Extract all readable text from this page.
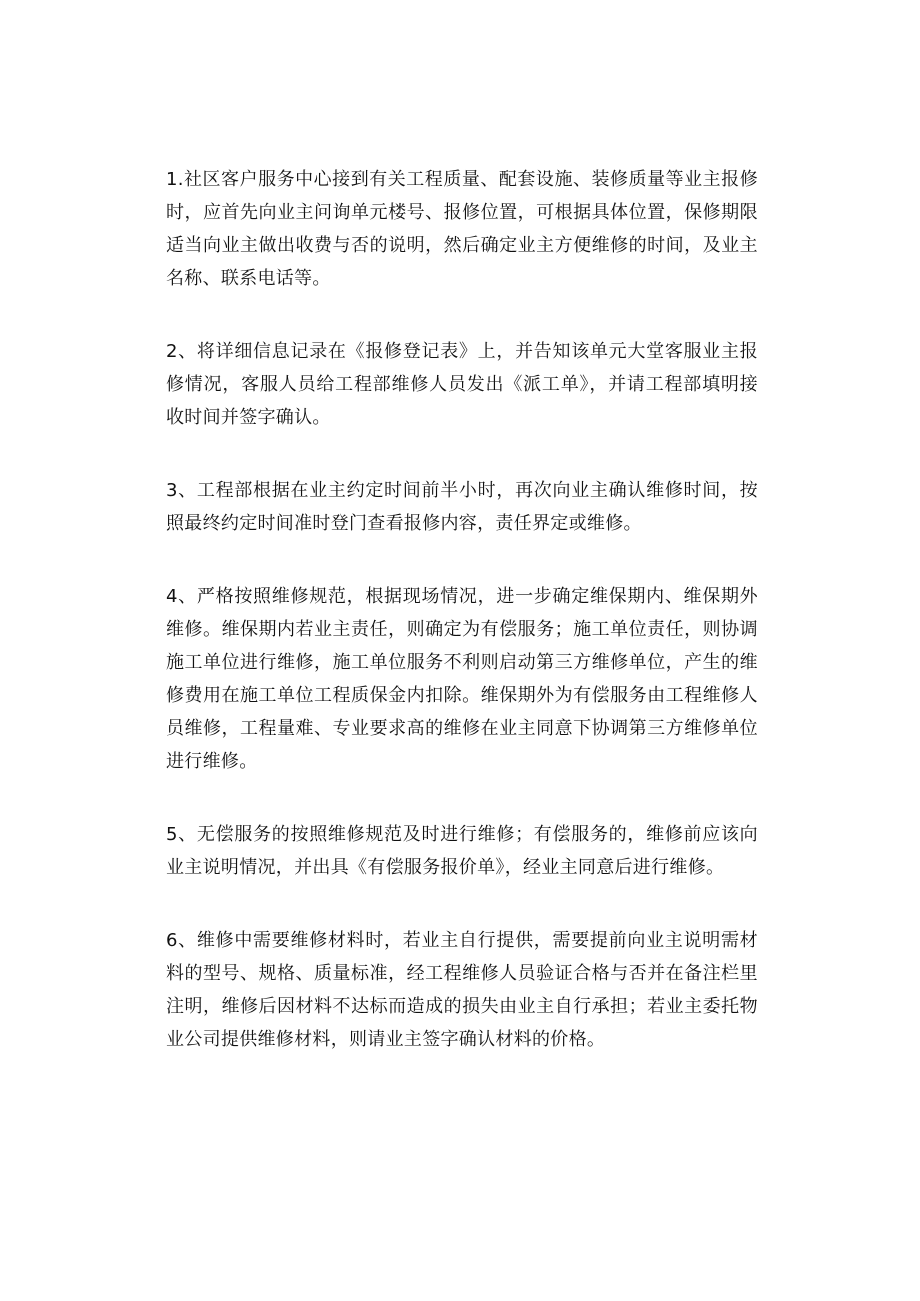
1.社区客户服务中心接到有关工程质量、配套设施、装修质量等业主报修时，应首先向业主问询单元楼号、报修位置，可根据具体位置，保修期限适当向业主做出收费与否的说明，然后确定业主方便维修的时间，及业主名称、联系电话等。

2、将详细信息记录在《报修登记表》上，并告知该单元大堂客服业主报修情况，客服人员给工程部维修人员发出《派工单》，并请工程部填明接收时间并签字确认。

3、工程部根据在业主约定时间前半小时，再次向业主确认维修时间，按照最终约定时间准时登门查看报修内容，责任界定或维修。

4、严格按照维修规范，根据现场情况，进一步确定维保期内、维保期外维修。维保期内若业主责任，则确定为有偿服务；施工单位责任，则协调施工单位进行维修，施工单位服务不利则启动第三方维修单位，产生的维修费用在施工单位工程质保金内扣除。维保期外为有偿服务由工程维修人员维修，工程量难、专业要求高的维修在业主同意下协调第三方维修单位进行维修。

5、无偿服务的按照维修规范及时进行维修；有偿服务的，维修前应该向业主说明情况，并出具《有偿服务报价单》，经业主同意后进行维修。

6、维修中需要维修材料时，若业主自行提供，需要提前向业主说明需材料的型号、规格、质量标准，经工程维修人员验证合格与否并在备注栏里注明，维修后因材料不达标而造成的损失由业主自行承担；若业主委托物业公司提供维修材料，则请业主签字确认材料的价格。
